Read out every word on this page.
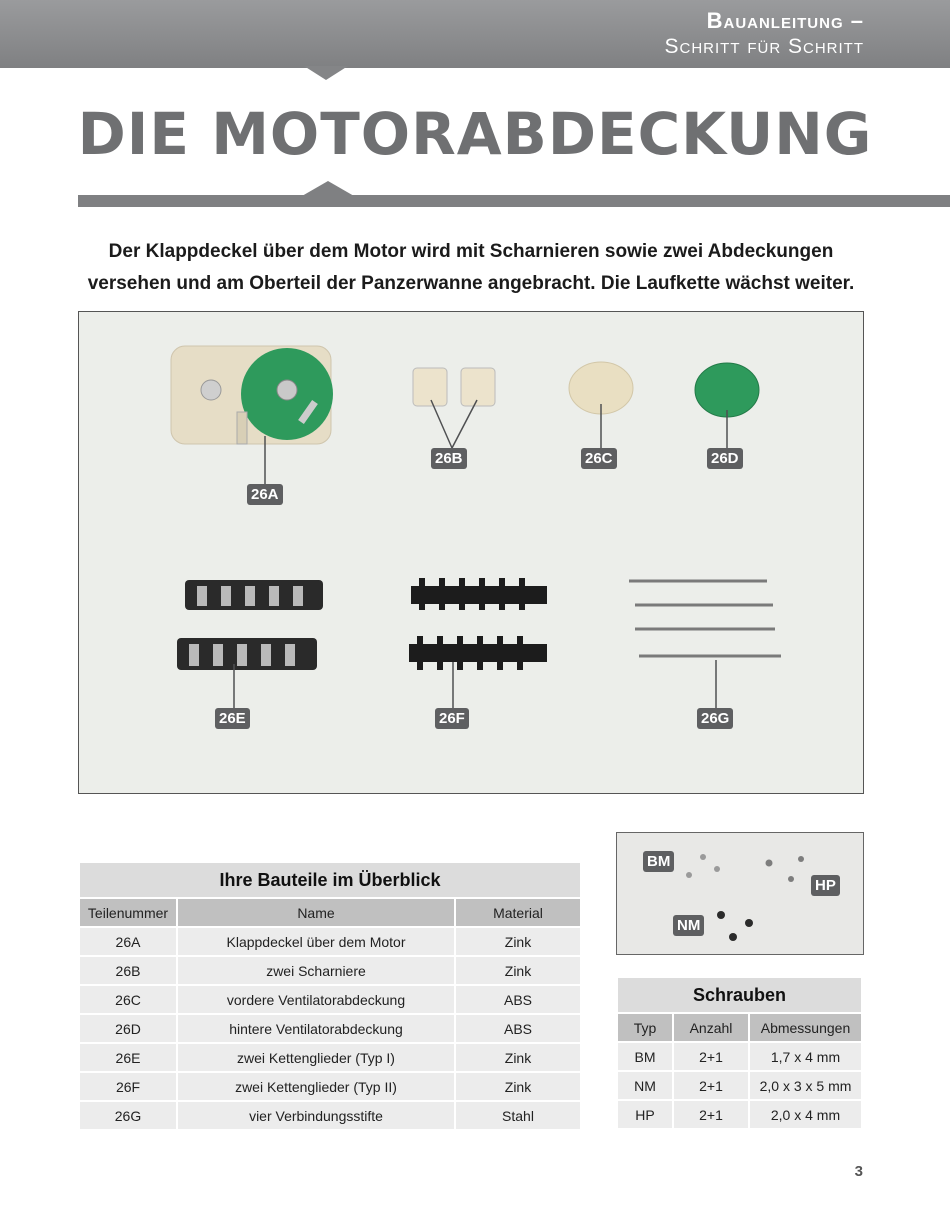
Bauanleitung –
Schritt für Schritt
DIE MOTORABDECKUNG
Der Klappdeckel über dem Motor wird mit Scharnieren sowie zwei Abdeckungen versehen und am Oberteil der Panzerwanne angebracht. Die Laufkette wächst weiter.
26A
26B	26C	26D
26E	26F	26G
BM
HP
NM
Ihre Bauteile im Überblick		
Teilenummer	Name	Material
26A	Klappdeckel über dem Motor	Zink
26B	zwei Scharniere	Zink
26C	vordere Ventilatorabdeckung	ABS
26D	hintere Ventilatorabdeckung	ABS
26E	zwei Kettenglieder (Typ I)	Zink
26F	zwei Kettenglieder (Typ II)	Zink
26G	vier Verbindungsstifte	Stahl
Schrauben		
Typ	Anzahl	Abmessungen
BM	2+1	1,7 x 4 mm
NM	2+1	2,0 x 3 x 5 mm
HP	2+1	2,0 x 4 mm
3
